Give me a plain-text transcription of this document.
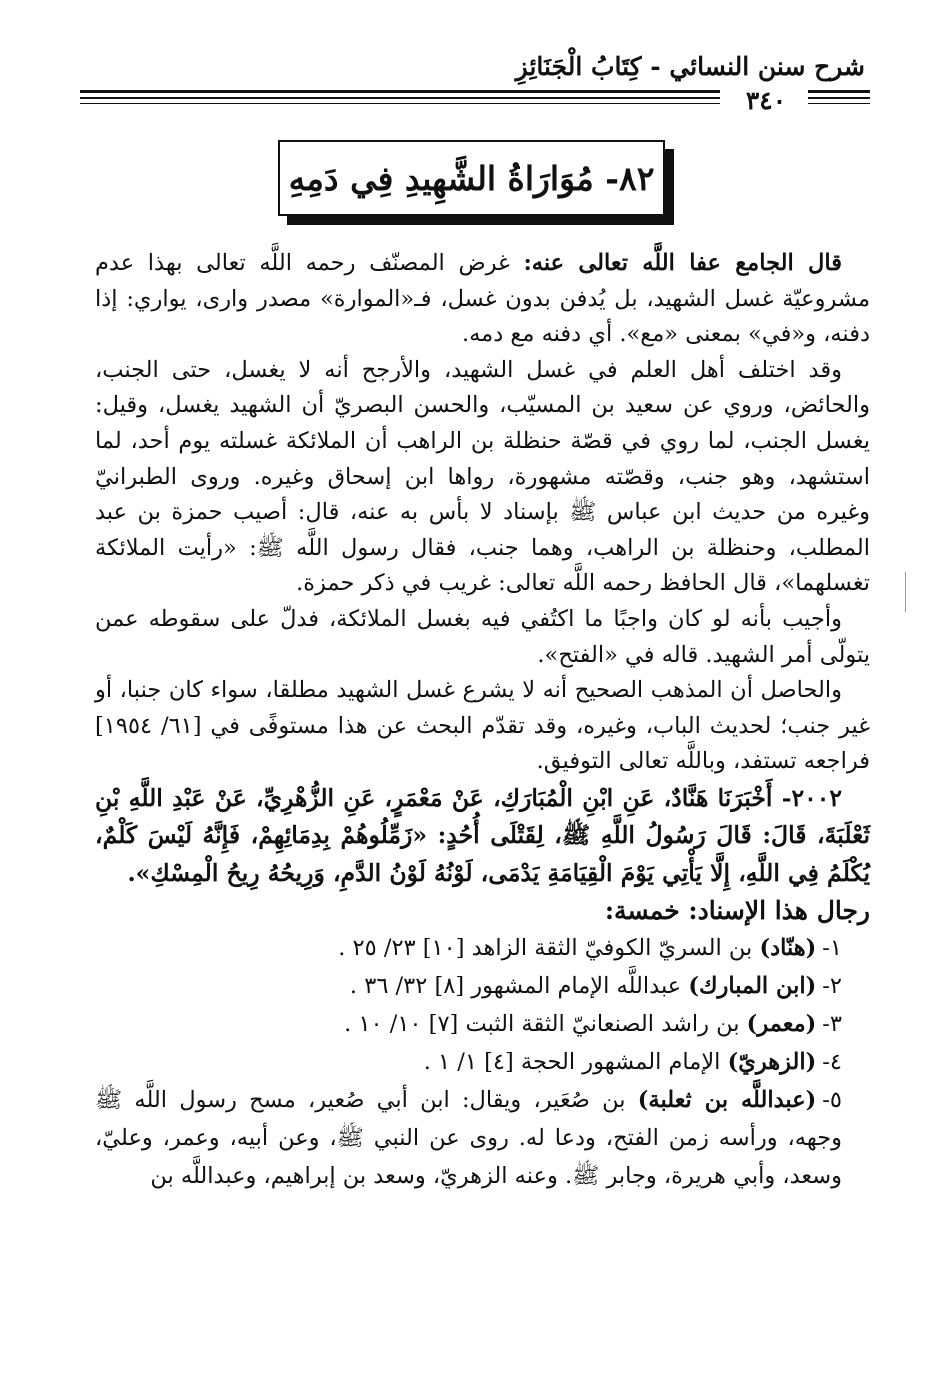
شرح سنن النسائي - كِتَابُ الْجَنَائِزِ
٣٤٠
٨٢- مُوَارَاةُ الشَّهِيدِ فِي دَمِهِ

قال الجامع عفا اللَّه تعالى عنه: غرض المصنّف رحمه اللَّه تعالى بهذا عدم مشروعيّة غسل الشهيد، بل يُدفن بدون غسل، فـ«الموارة» مصدر وارى، يواري: إذا دفنه، و«في» بمعنى «مع». أي دفنه مع دمه.

وقد اختلف أهل العلم في غسل الشهيد، والأرجح أنه لا يغسل، حتى الجنب، والحائض، وروي عن سعيد بن المسيّب، والحسن البصريّ أن الشهيد يغسل، وقيل: يغسل الجنب، لما روي في قصّة حنظلة بن الراهب أن الملائكة غسلته يوم أحد، لما استشهد، وهو جنب، وقصّته مشهورة، رواها ابن إسحاق وغيره. وروى الطبرانيّ وغيره من حديث ابن عباس ﷺ بإسناد لا بأس به عنه، قال: أصيب حمزة بن عبد المطلب، وحنظلة بن الراهب، وهما جنب، فقال رسول اللَّه ﷺ: «رأيت الملائكة تغسلهما»، قال الحافظ رحمه اللَّه تعالى: غريب في ذكر حمزة.

وأجيب بأنه لو كان واجبًا ما اكتُفي فيه بغسل الملائكة، فدلّ على سقوطه عمن يتولّى أمر الشهيد. قاله في «الفتح».

والحاصل أن المذهب الصحيح أنه لا يشرع غسل الشهيد مطلقا، سواء كان جنبا، أو غير جنب؛ لحديث الباب، وغيره، وقد تقدّم البحث عن هذا مستوفًى في [٦١/ ١٩٥٤] فراجعه تستفد، وباللَّه تعالى التوفيق.

٢٠٠٢- أَخْبَرَنَا هَنَّادٌ، عَنِ ابْنِ الْمُبَارَكِ، عَنْ مَعْمَرٍ، عَنِ الزُّهْرِيِّ، عَنْ عَبْدِ اللَّهِ بْنِ ثَعْلَبَةَ، قَالَ: قَالَ رَسُولُ اللَّهِ ﷺ، لِقَتْلَى أُحُدٍ: «زَمِّلُوهُمْ بِدِمَائِهِمْ، فَإِنَّهُ لَيْسَ كَلْمٌ، يُكْلَمُ فِي اللَّهِ، إِلَّا يَأْتِي يَوْمَ الْقِيَامَةِ يَدْمَى، لَوْنُهُ لَوْنُ الدَّمِ، وَرِيحُهُ رِيحُ الْمِسْكِ».

رجال هذا الإسناد: خمسة:

١-(هنّاد) بن السريّ الكوفيّ الثقة الزاهد [١٠] ٢٣/ ٢٥ .
٢-(ابن المبارك) عبداللَّه الإمام المشهور [٨] ٣٢/ ٣٦ .
٣-(معمر) بن راشد الصنعانيّ الثقة الثبت [٧] ١٠/ ١٠ .
٤-(الزهريّ) الإمام المشهور الحجة [٤] ١/ ١ .
٥-(عبداللَّه بن ثعلبة) بن صُعَير، ويقال: ابن أبي صُعير، مسح رسول اللَّه ﷺ وجهه، ورأسه زمن الفتح، ودعا له. روى عن النبي ﷺ، وعن أبيه، وعمر، وعليّ، وسعد، وأبي هريرة، وجابر ﷺ. وعنه الزهريّ، وسعد بن إبراهيم، وعبداللَّه بن
